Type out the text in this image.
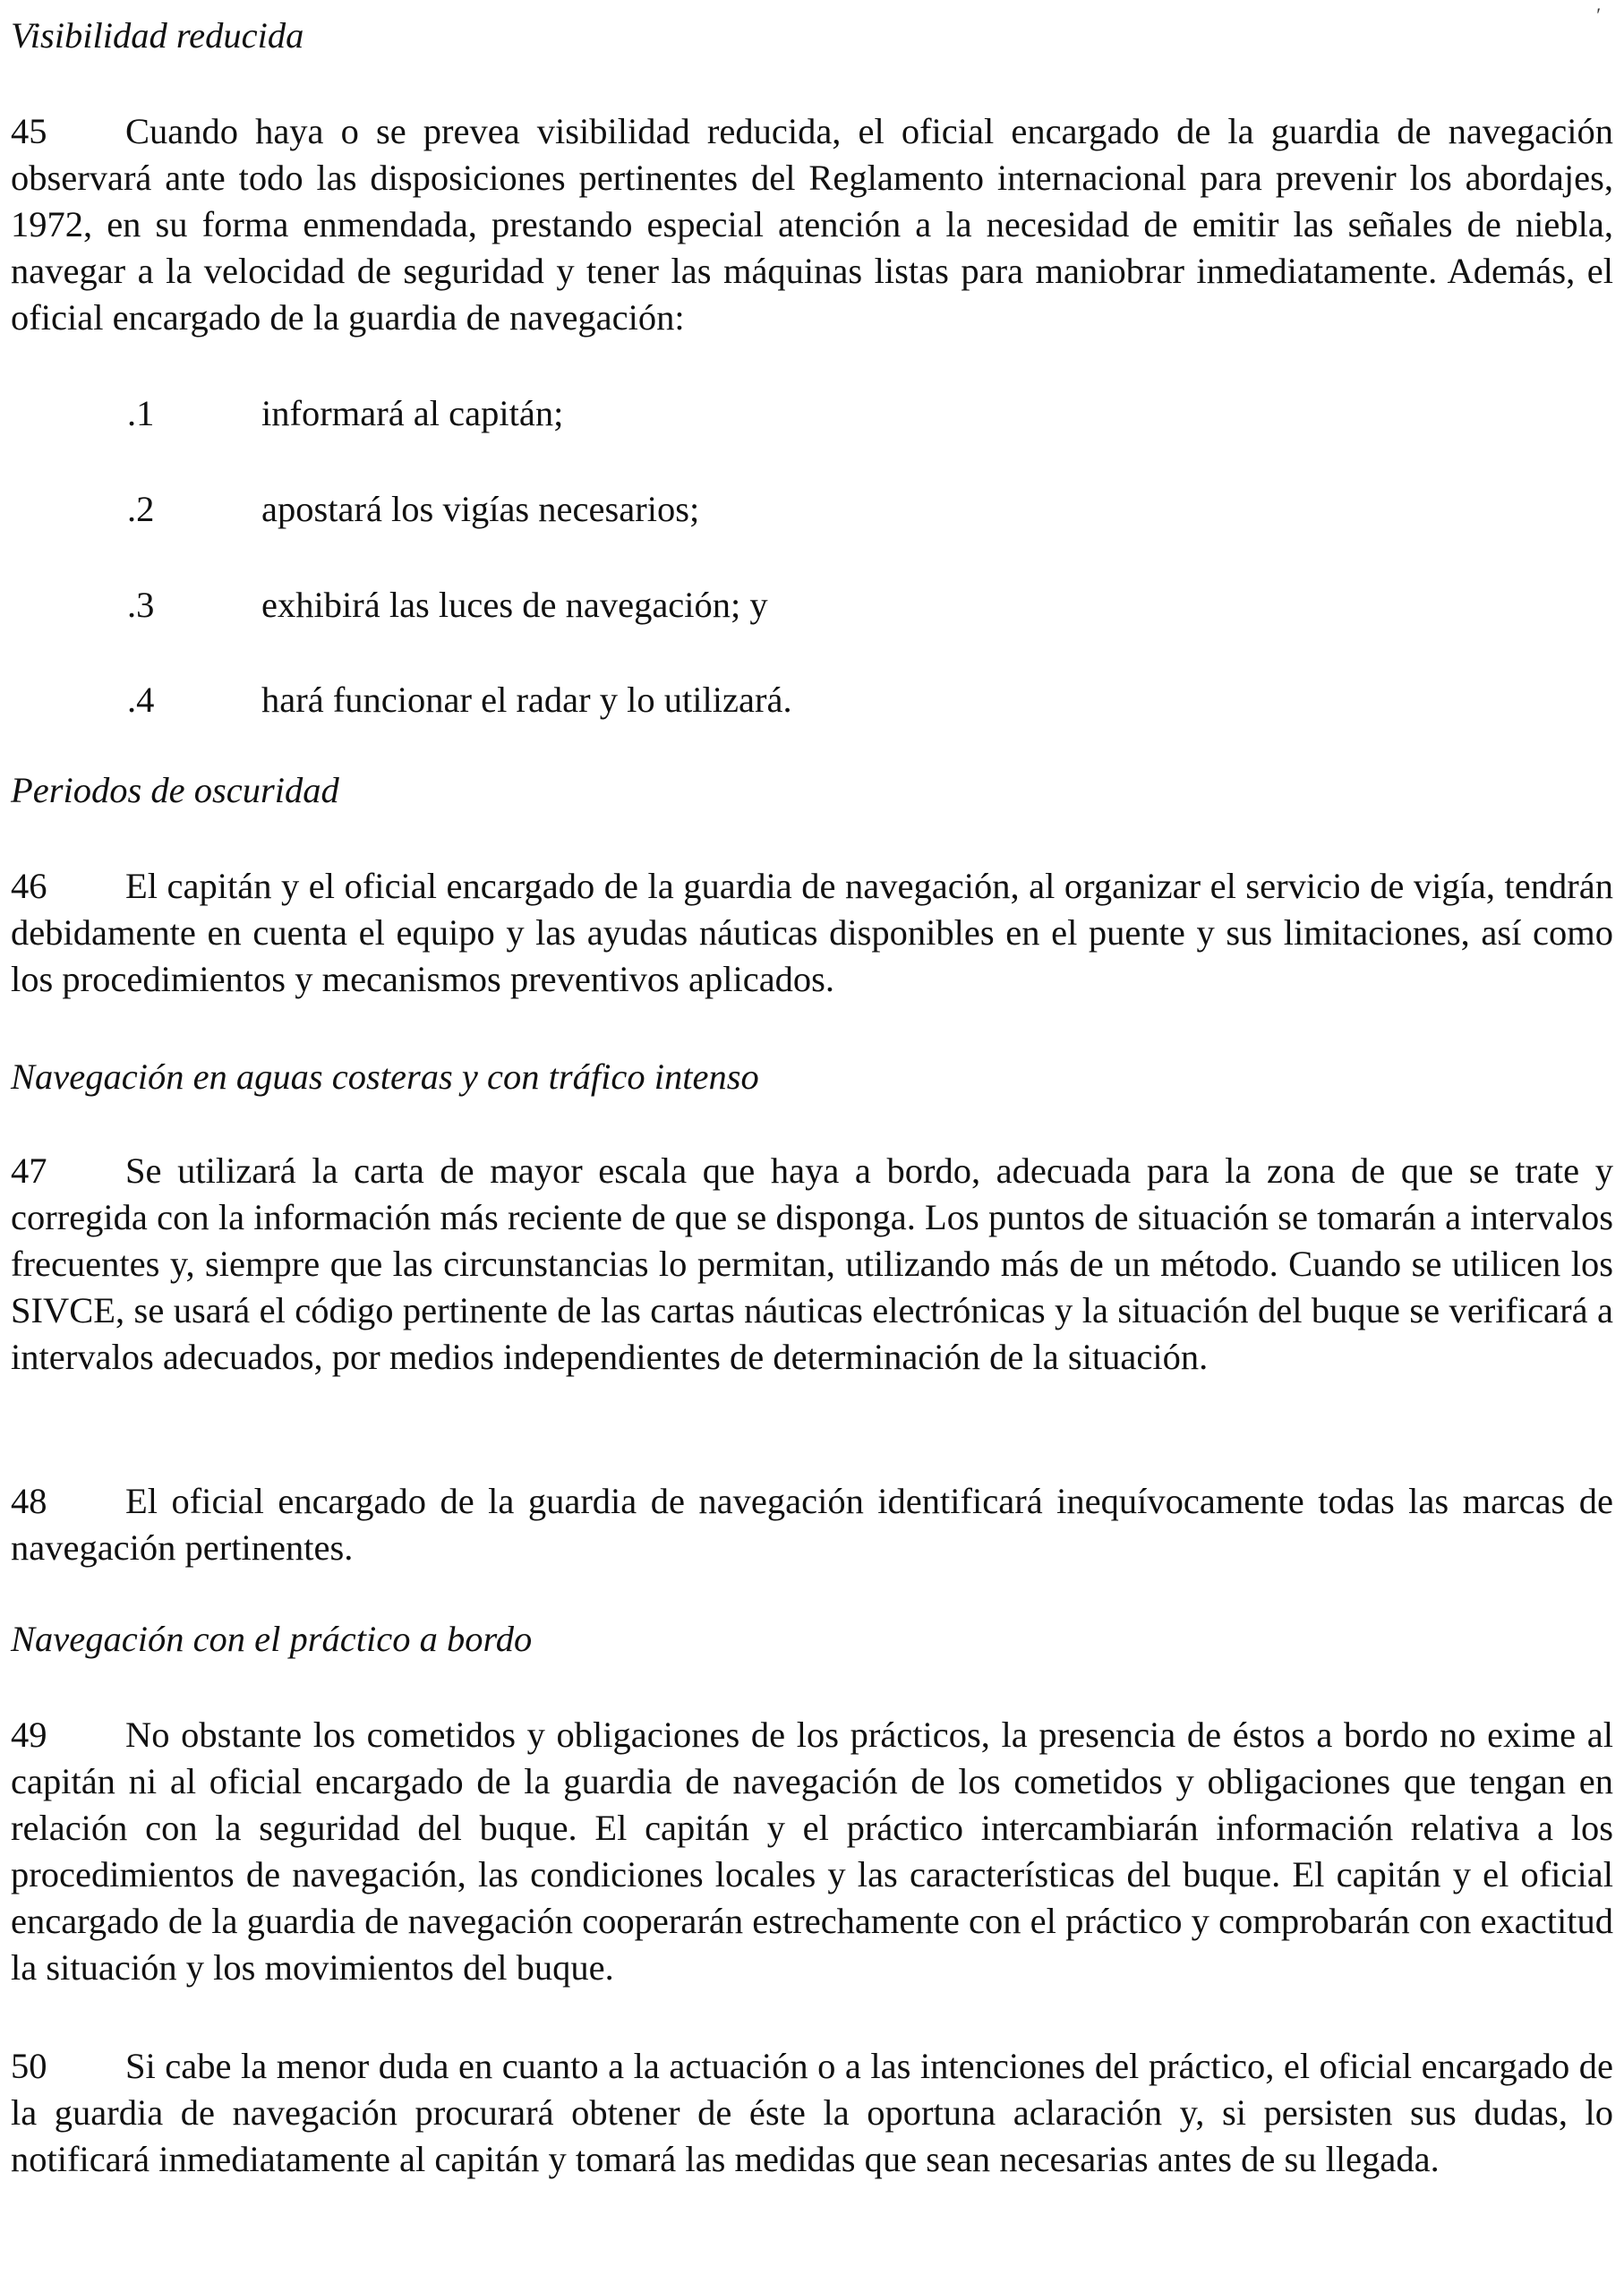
′
Visibilidad reducida
45 Cuando haya o se prevea visibilidad reducida, el oficial encargado de la guardia de navegación observará ante todo las disposiciones pertinentes del Reglamento internacional para prevenir los abordajes, 1972, en su forma enmendada, prestando especial atención a la necesidad de emitir las señales de niebla, navegar a la velocidad de seguridad y tener las máquinas listas para maniobrar inmediatamente. Además, el oficial encargado de la guardia de navegación:
.1	informará al capitán;
.2	apostará los vigías necesarios;
.3	exhibirá las luces de navegación; y
.4	hará funcionar el radar y lo utilizará.
Periodos de oscuridad
46 El capitán y el oficial encargado de la guardia de navegación, al organizar el servicio de vigía, tendrán debidamente en cuenta el equipo y las ayudas náuticas disponibles en el puente y sus limitaciones, así como los procedimientos y mecanismos preventivos aplicados.
Navegación en aguas costeras y con tráfico intenso
47 Se utilizará la carta de mayor escala que haya a bordo, adecuada para la zona de que se trate y corregida con la información más reciente de que se disponga. Los puntos de situación se tomarán a intervalos frecuentes y, siempre que las circunstancias lo permitan, utilizando más de un método. Cuando se utilicen los SIVCE, se usará el código pertinente de las cartas náuticas electrónicas y la situación del buque se verificará a intervalos adecuados, por medios independientes de determinación de la situación.
48 El oficial encargado de la guardia de navegación identificará inequívocamente todas las marcas de navegación pertinentes.
Navegación con el práctico a bordo
49 No obstante los cometidos y obligaciones de los prácticos, la presencia de éstos a bordo no exime al capitán ni al oficial encargado de la guardia de navegación de los cometidos y obligaciones que tengan en relación con la seguridad del buque. El capitán y el práctico intercambiarán información relativa a los procedimientos de navegación, las condiciones locales y las características del buque. El capitán y el oficial encargado de la guardia de navegación cooperarán estrechamente con el práctico y comprobarán con exactitud la situación y los movimientos del buque.
50 Si cabe la menor duda en cuanto a la actuación o a las intenciones del práctico, el oficial encargado de la guardia de navegación procurará obtener de éste la oportuna aclaración y, si persisten sus dudas, lo notificará inmediatamente al capitán y tomará las medidas que sean necesarias antes de su llegada.
